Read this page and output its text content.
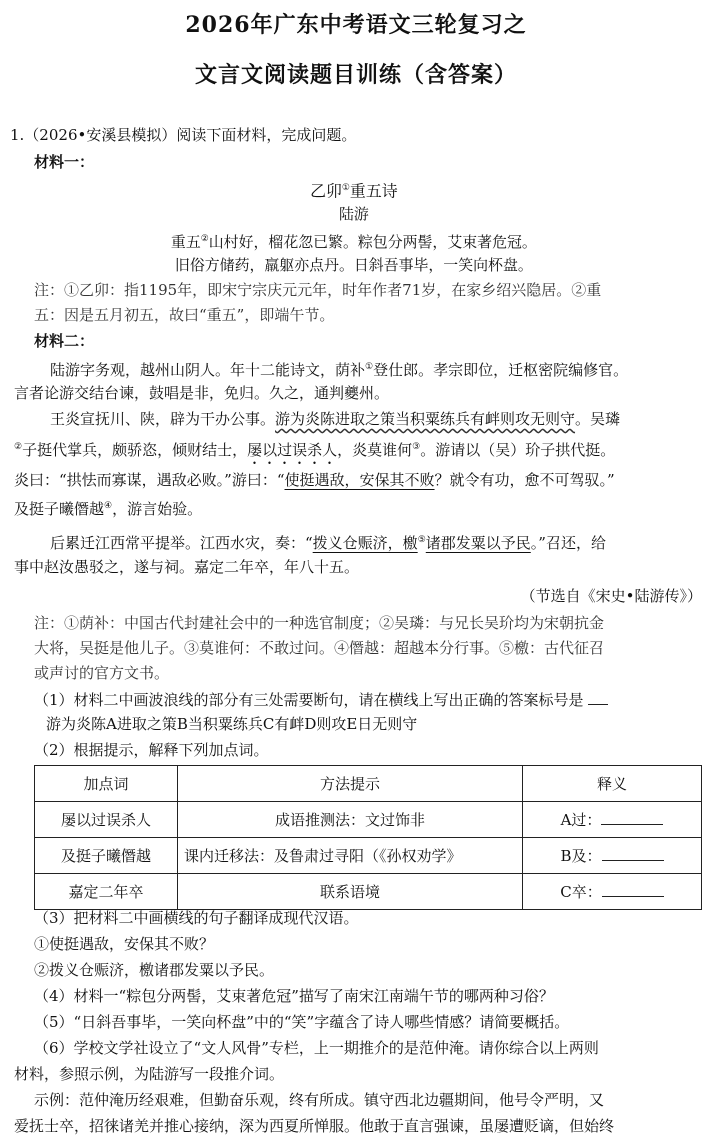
2026年广东中考语文三轮复习之
文言文阅读题目训练（含答案）
1.（2026•安溪县模拟）阅读下面材料，完成问题。
材料一：
乙卯①重五诗
陆游
重五②山村好，榴花忽已繁。粽包分两髻，艾束著危冠。
旧俗方储药，羸躯亦点丹。日斜吾事毕，一笑向杯盘。
注：①乙卯：指1195年，即宋宁宗庆元元年，时年作者71岁，在家乡绍兴隐居。②重
五：因是五月初五，故曰“重五”，即端午节。
材料二：
陆游字务观，越州山阴人。年十二能诗文，荫补①登仕郎。孝宗即位，迁枢密院编修官。
言者论游交结台谏，鼓唱是非，免归。久之，通判夔州。
王炎宣抚川、陕，辟为干办公事。游为炎陈进取之策当积粟练兵有衅则攻无则守。吴璘
②子挺代掌兵，颇骄恣，倾财结士，屡以过误杀人，炎莫谁何③。游请以（吴）玠子拱代挺。
炎曰：“拱怯而寡谋，遇敌必败。”游曰：“使挺遇敌，安保其不败？就令有功，愈不可驾驭。”
及挺子曦僭越④，游言始验。
后累迁江西常平提举。江西水灾，奏：“拨义仓赈济，檄⑤诸郡发粟以予民。”召还，给
事中赵汝愚驳之，遂与祠。嘉定二年卒，年八十五。
（节选自《宋史•陆游传》）
注：①荫补：中国古代封建社会中的一种选官制度；②吴璘：与兄长吴玠均为宋朝抗金
大将，吴挺是他儿子。③莫谁何：不敢过问。④僭越：超越本分行事。⑤檄：古代征召
或声讨的官方文书。
（1）材料二中画波浪线的部分有三处需要断句，请在横线上写出正确的答案标号是
游为炎陈A进取之策B当积粟练兵C有衅D则攻E日无则守
（2）根据提示，解释下列加点词。
加点词	方法提示	释义
屡以过误杀人	成语推测法：文过饰非	A过：
及挺子曦僭越	课内迁移法：及鲁肃过寻阳（《孙权劝学》	B及：
嘉定二年卒	联系语境	C卒：
（3）把材料二中画横线的句子翻译成现代汉语。
①使挺遇敌，安保其不败？
②拨义仓赈济，檄诸郡发粟以予民。
（4）材料一“粽包分两髻，艾束著危冠”描写了南宋江南端午节的哪两种习俗？
（5）“日斜吾事毕，一笑向杯盘”中的“笑”字蕴含了诗人哪些情感？请简要概括。
（6）学校文学社设立了“文人风骨”专栏，上一期推介的是范仲淹。请你综合以上两则
材料，参照示例，为陆游写一段推介词。
示例：范仲淹历经艰难，但勤奋乐观，终有所成。镇守西北边疆期间，他号令严明，又
爱抚士卒，招徕诸羌并推心接纳，深为西夏所惮服。他敢于直言强谏，虽屡遭贬谪，但始终
